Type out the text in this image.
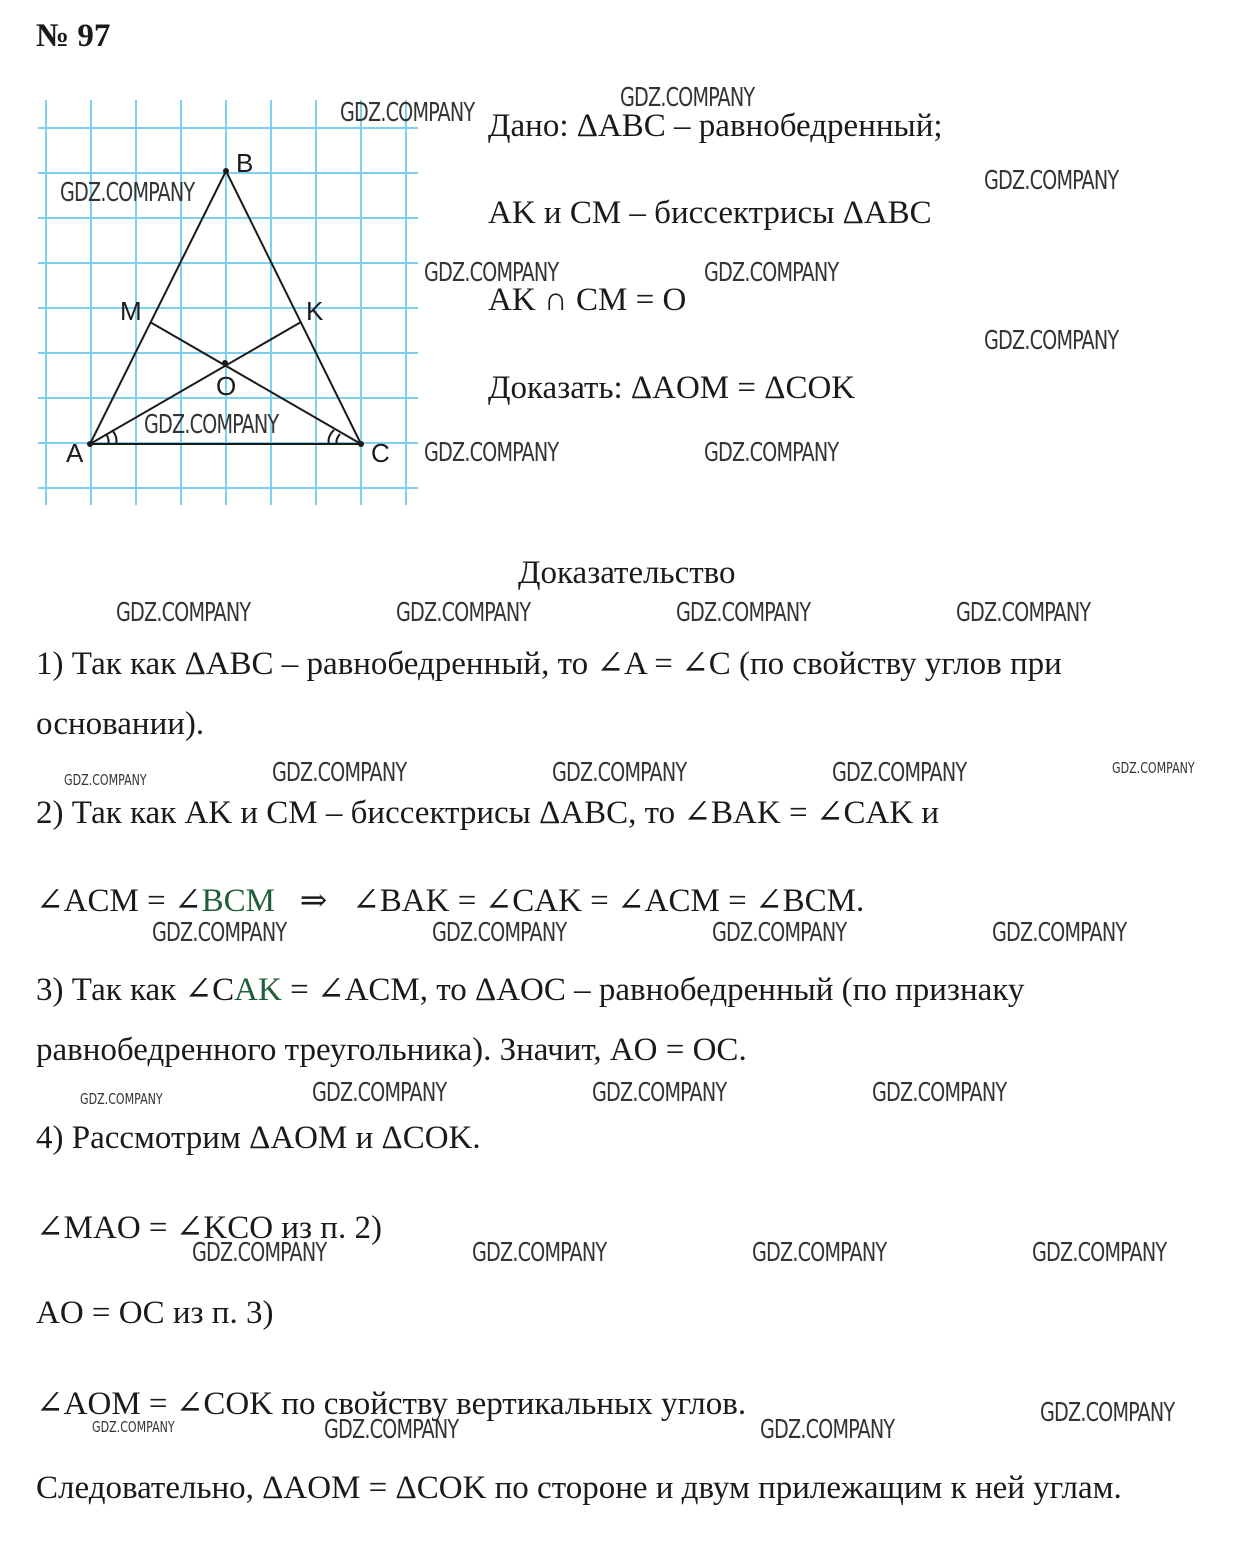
№ 97
A
B
C
M	K
O
Дано: ΔABC – равнобедренный;
AK и CM – биссектрисы ΔABC
AK ∩ CM = O
Доказать: ΔAOM = ΔCOK
Доказательство
1) Так как ΔABC – равнобедренный, то ∠A = ∠C (по свойству углов при
основании).
2) Так как AK и CM – биссектрисы ΔABC, то ∠BAK = ∠CAK и
∠ACM = ∠BCM   ⇒   ∠BAK = ∠CAK = ∠ACM = ∠BCM.
3) Так как ∠CAK = ∠ACM, то ΔAOC – равнобедренный (по признаку
равнобедренного треугольника). Значит, AO = OC.
4) Рассмотрим ΔAOM и ΔCOK.
∠MAO = ∠KCO из п. 2)
AO = OC из п. 3)
∠AOM = ∠COK по свойству вертикальных углов.
Следовательно, ΔAOM = ΔCOK по стороне и двум прилежащим к ней углам.
GDZ.COMPANY	GDZ.COMPANY
GDZ.COMPANY	GDZ.COMPANY
GDZ.COMPANY	GDZ.COMPANY
GDZ.COMPANY
GDZ.COMPANY
GDZ.COMPANY	GDZ.COMPANY
GDZ.COMPANY	GDZ.COMPANY	GDZ.COMPANY	GDZ.COMPANY
GDZ.COMPANY	GDZ.COMPANY	GDZ.COMPANY	GDZ.COMPANY	GDZ.COMPANY
GDZ.COMPANY	GDZ.COMPANY	GDZ.COMPANY	GDZ.COMPANY
GDZ.COMPANY	GDZ.COMPANY	GDZ.COMPANY	GDZ.COMPANY
GDZ.COMPANY	GDZ.COMPANY	GDZ.COMPANY	GDZ.COMPANY
GDZ.COMPANY	GDZ.COMPANY	GDZ.COMPANY
GDZ.COMPANY
